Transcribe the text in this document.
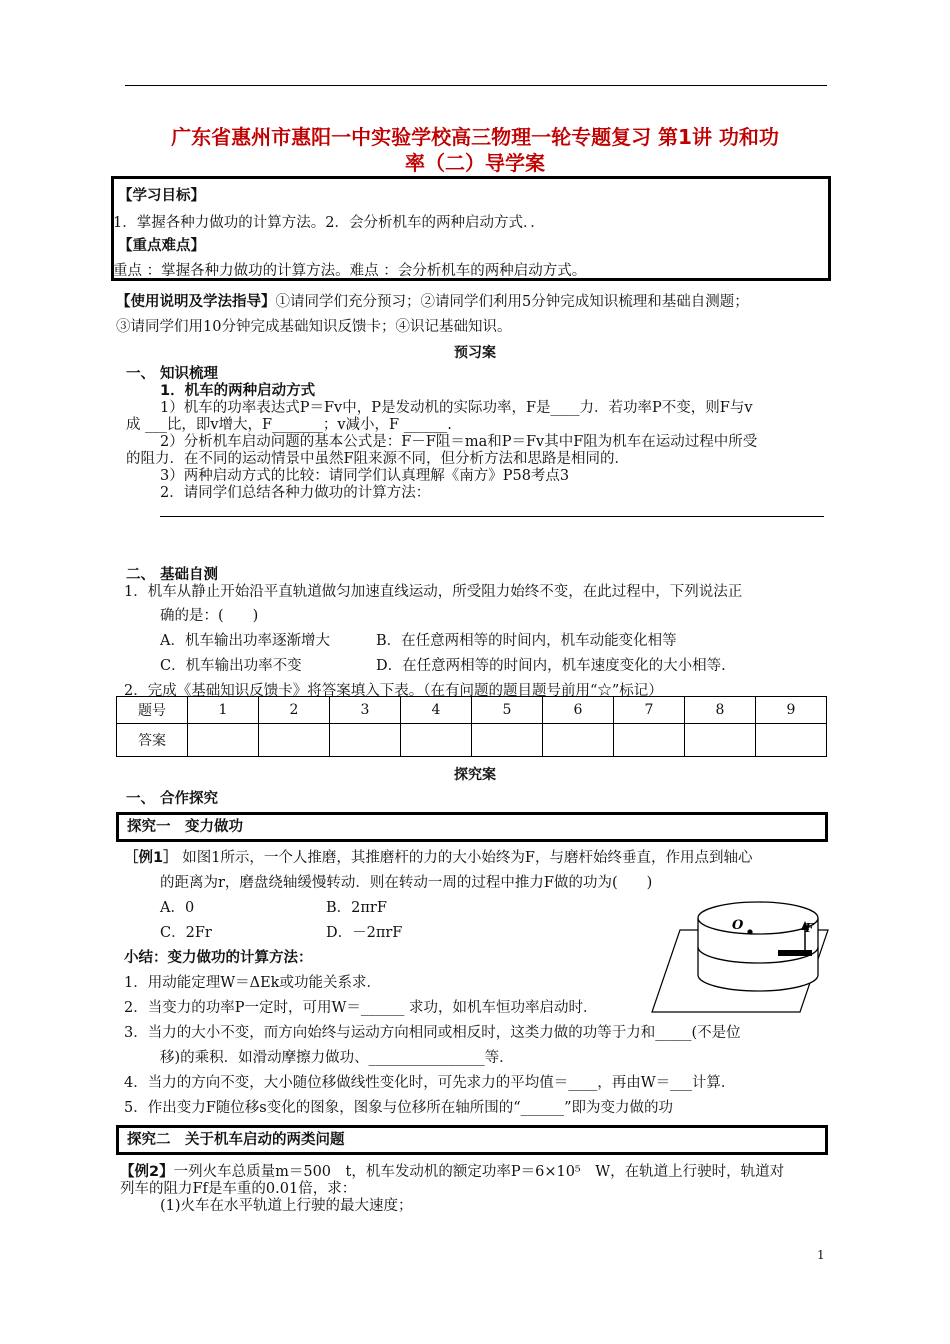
广东省惠州市惠阳一中实验学校高三物理一轮专题复习 第1讲 功和功
率（二）导学案
【学习目标】
1．掌握各种力做功的计算方法。2．会分析机车的两种启动方式．．
【重点难点】
重点 ：掌握各种力做功的计算方法。难点 ：会分析机车的两种启动方式。
【使用说明及学法指导】①请同学们充分预习；②请同学们利用5分钟完成知识梳理和基础自测题；
③请同学们用10分钟完成基础知识反馈卡；④识记基础知识。
预习案
一、 知识梳理
1．机车的两种启动方式
1）机车的功率表达式P＝Fv中，P是发动机的实际功率，F是____力．若功率P不变，则F与v
成 ___比，即v增大，F_______；v减小，F ______.
2）分析机车启动问题的基本公式是：F－F阻＝ma和P＝Fv其中F阻为机车在运动过程中所受
的阻力．在不同的运动情景中虽然F阻来源不同，但分析方法和思路是相同的．
3）两种启动方式的比较：请同学们认真理解《南方》P58考点3
2．请同学们总结各种力做功的计算方法：
二、 基础自测
1．机车从静止开始沿平直轨道做匀加速直线运动，所受阻力始终不变，在此过程中，下列说法正
确的是：(　　)
A．机车输出功率逐渐增大	B．在任意两相等的时间内，机车动能变化相等
C．机车输出功率不变	D．在任意两相等的时间内，机车速度变化的大小相等.
2．完成《基础知识反馈卡》将答案填入下表。（在有问题的题目题号前用“☆”标记）
题号	1	2	3	4	5	6	7	8	9
答案									
探究案
一、 合作探究
探究一　变力做功
［例1］ 如图1所示，一个人推磨，其推磨杆的力的大小始终为F，与磨杆始终垂直，作用点到轴心
的距离为r，磨盘绕轴缓慢转动．则在转动一周的过程中推力F做的功为(　　)
A．0	B．2πrF
C．2Fr	D．－2πrF	O	F
小结：变力做功的计算方法：
1．用动能定理W＝ΔEk或功能关系求．
2．当变力的功率P一定时，可用W＝______ 求功，如机车恒功率启动时．
3．当力的大小不变，而方向始终与运动方向相同或相反时，这类力做的功等于力和_____(不是位
移)的乘积．如滑动摩擦力做功、________________等．
4．当力的方向不变，大小随位移做线性变化时，可先求力的平均值＝____，再由W＝___计算．
5．作出变力F随位移s变化的图象，图象与位移所在轴所围的“______”即为变力做的功
探究二　关于机车启动的两类问题
【例2】一列火车总质量m＝500　t，机车发动机的额定功率P＝6×10⁵　W，在轨道上行驶时，轨道对
列车的阻力Ff是车重的0.01倍，求：
(1)火车在水平轨道上行驶的最大速度；
1
